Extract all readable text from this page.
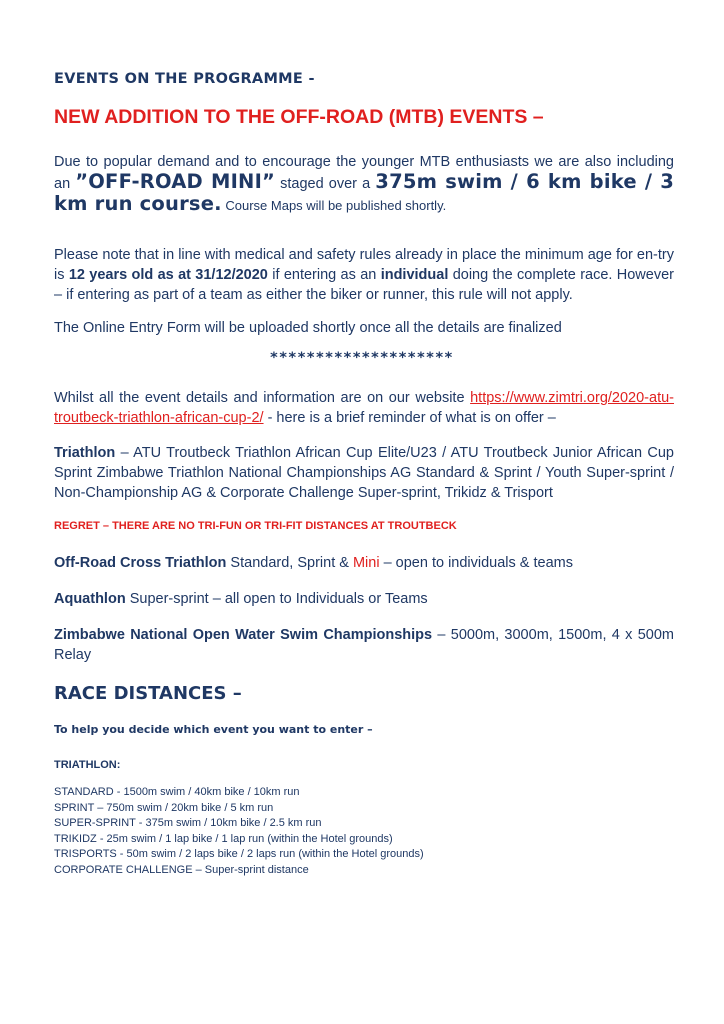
EVENTS ON THE PROGRAMME -
NEW ADDITION TO THE OFF-ROAD (MTB) EVENTS –

Due to popular demand and to encourage the younger MTB enthusiasts we are also including an ”OFF-ROAD MINI” staged over a 375m swim / 6 km bike / 3 km run course. Course Maps will be published shortly.

Please note that in line with medical and safety rules already in place the minimum age for en-try is 12 years old as at 31/12/2020 if entering as an individual doing the complete race. However – if entering as part of a team as either the biker or runner, this rule will not apply.

The Online Entry Form will be uploaded shortly once all the details are finalized

********************

Whilst all the event details and information are on our website https://www.zimtri.org/2020-atu-troutbeck-triathlon-african-cup-2/ - here is a brief reminder of what is on offer –

Triathlon – ATU Troutbeck Triathlon African Cup Elite/U23 / ATU Troutbeck Junior African Cup Sprint Zimbabwe Triathlon National Championships AG Standard & Sprint / Youth Super-sprint / Non-Championship AG & Corporate Challenge Super-sprint, Trikidz & Trisport

REGRET – THERE ARE NO TRI-FUN OR TRI-FIT DISTANCES AT TROUTBECK

Off-Road Cross Triathlon Standard, Sprint & Mini – open to individuals & teams

Aquathlon Super-sprint – all open to Individuals or Teams

Zimbabwe National Open Water Swim Championships – 5000m, 3000m, 1500m, 4 x 500m Relay

RACE DISTANCES –
To help you decide which event you want to enter –
TRIATHLON:
STANDARD - 1500m swim / 40km bike / 10km run
SPRINT – 750m swim / 20km bike / 5 km run
SUPER-SPRINT - 375m swim / 10km bike / 2.5 km run
TRIKIDZ - 25m swim / 1 lap bike / 1 lap run (within the Hotel grounds)
TRISPORTS - 50m swim / 2 laps bike / 2 laps run (within the Hotel grounds)
CORPORATE CHALLENGE – Super-sprint distance
